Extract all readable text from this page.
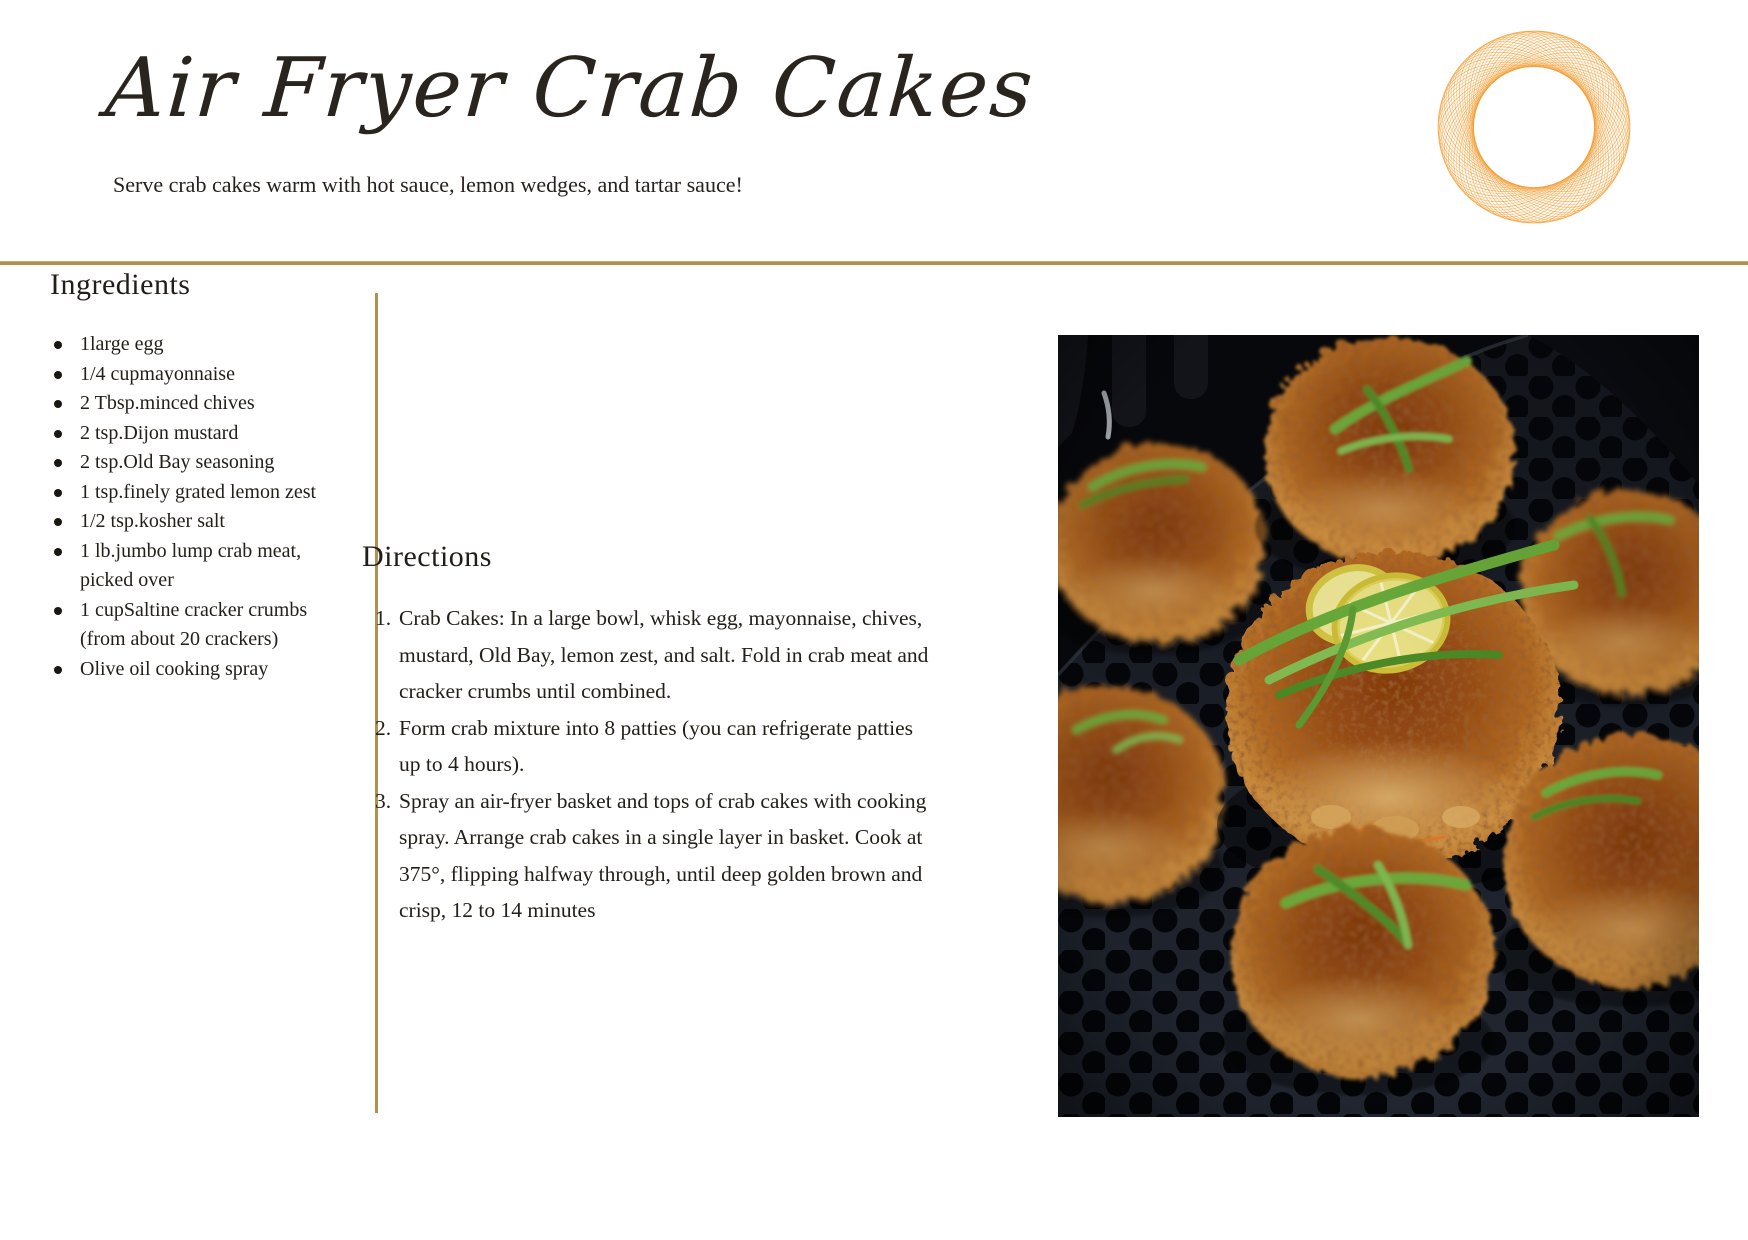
Air Fryer Crab Cakes

Serve crab cakes warm with hot sauce, lemon wedges, and tartar sauce!

Ingredients
1large egg
1/4 cupmayonnaise
2 Tbsp.minced chives
2 tsp.Dijon mustard
2 tsp.Old Bay seasoning
1 tsp.finely grated lemon zest
1/2 tsp.kosher salt
1 lb.jumbo lump crab meat, picked over
1 cupSaltine cracker crumbs (from about 20 crackers)
Olive oil cooking spray
Directions
1. Crab Cakes: In a large bowl, whisk egg, mayonnaise, chives, mustard, Old Bay, lemon zest, and salt. Fold in crab meat and cracker crumbs until combined.
2. Form crab mixture into 8 patties (you can refrigerate patties up to 4 hours).
3. Spray an air-fryer basket and tops of crab cakes with cooking spray. Arrange crab cakes in a single layer in basket. Cook at 375°, flipping halfway through, until deep golden brown and crisp, 12 to 14 minutes
